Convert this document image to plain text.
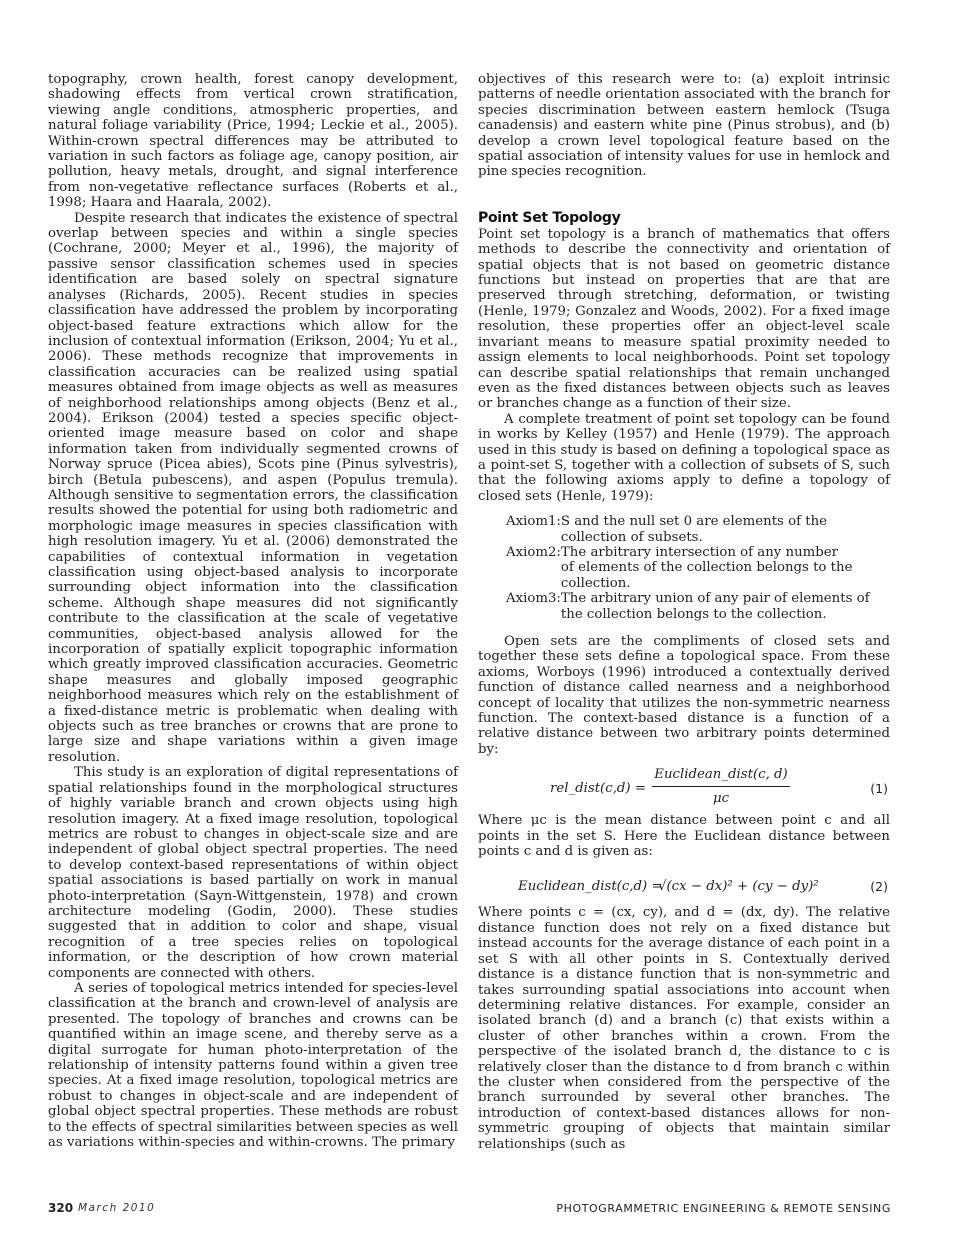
topography, crown health, forest canopy development, shadowing effects from vertical crown stratification, viewing angle conditions, atmospheric properties, and natural foliage variability (Price, 1994; Leckie et al., 2005). Within-crown spectral differences may be attributed to variation in such factors as foliage age, canopy position, air pollution, heavy metals, drought, and signal interference from non-vegetative reflectance surfaces (Roberts et al., 1998; Haara and Haarala, 2002).

Despite research that indicates the existence of spectral overlap between species and within a single species (Cochrane, 2000; Meyer et al., 1996), the majority of passive sensor classification schemes used in species identification are based solely on spectral signature analyses (Richards, 2005). Recent studies in species classification have addressed the problem by incorporating object-based feature extractions which allow for the inclusion of contextual information (Erikson, 2004; Yu et al., 2006). These methods recognize that improvements in classification accuracies can be realized using spatial measures obtained from image objects as well as measures of neighborhood relationships among objects (Benz et al., 2004). Erikson (2004) tested a species specific object-oriented image measure based on color and shape information taken from individually segmented crowns of Norway spruce (Picea abies), Scots pine (Pinus sylvestris), birch (Betula pubescens), and aspen (Populus tremula). Although sensitive to segmentation errors, the classification results showed the potential for using both radiometric and morphologic image measures in species classification with high resolution imagery. Yu et al. (2006) demonstrated the capabilities of contextual information in vegetation classification using object-based analysis to incorporate surrounding object information into the classification scheme. Although shape measures did not significantly contribute to the classification at the scale of vegetative communities, object-based analysis allowed for the incorporation of spatially explicit topographic information which greatly improved classification accuracies. Geometric shape measures and globally imposed geographic neighborhood measures which rely on the establishment of a fixed-distance metric is problematic when dealing with objects such as tree branches or crowns that are prone to large size and shape variations within a given image resolution.

This study is an exploration of digital representations of spatial relationships found in the morphological structures of highly variable branch and crown objects using high resolution imagery. At a fixed image resolution, topological metrics are robust to changes in object-scale size and are independent of global object spectral properties. The need to develop context-based representations of within object spatial associations is based partially on work in manual photo-interpretation (Sayn-Wittgenstein, 1978) and crown architecture modeling (Godin, 2000). These studies suggested that in addition to color and shape, visual recognition of a tree species relies on topological information, or the description of how crown material components are connected with others.

A series of topological metrics intended for species-level classification at the branch and crown-level of analysis are presented. The topology of branches and crowns can be quantified within an image scene, and thereby serve as a digital surrogate for human photo-interpretation of the relationship of intensity patterns found within a given tree species. At a fixed image resolution, topological metrics are robust to changes in object-scale and are independent of global object spectral properties. These methods are robust to the effects of spectral similarities between species as well as variations within-species and within-crowns. The primary

objectives of this research were to: (a) exploit intrinsic patterns of needle orientation associated with the branch for species discrimination between eastern hemlock (Tsuga canadensis) and eastern white pine (Pinus strobus), and (b) develop a crown level topological feature based on the spatial association of intensity values for use in hemlock and pine species recognition.

Point Set Topology

Point set topology is a branch of mathematics that offers methods to describe the connectivity and orientation of spatial objects that is not based on geometric distance functions but instead on properties that are that are preserved through stretching, deformation, or twisting (Henle, 1979; Gonzalez and Woods, 2002). For a fixed image resolution, these properties offer an object-level scale invariant means to measure spatial proximity needed to assign elements to local neighborhoods. Point set topology can describe spatial relationships that remain unchanged even as the fixed distances between objects such as leaves or branches change as a function of their size.

A complete treatment of point set topology can be found in works by Kelley (1957) and Henle (1979). The approach used in this study is based on defining a topological space as a point-set S, together with a collection of subsets of S, such that the following axioms apply to define a topology of closed sets (Henle, 1979):

Axiom1: S and the null set 0 are elements of the
collection of subsets.
Axiom2: The arbitrary intersection of any number
of elements of the collection belongs to the collection.
Axiom3: The arbitrary union of any pair of elements of
the collection belongs to the collection.

Open sets are the compliments of closed sets and together these sets define a topological space. From these axioms, Worboys (1996) introduced a contextually derived function of distance called nearness and a neighborhood concept of locality that utilizes the non-symmetric nearness function. The context-based distance is a function of a relative distance between two arbitrary points determined by:

rel_dist(c,d) =
Euclidean_dist(c, d)
μc
(1)

Where μc is the mean distance between point c and all points in the set S. Here the Euclidean distance between points c and d is given as:

Euclidean_dist(c,d) =
√(cx − dx)² + (cy − dy)²	(2)

Where points c = (cx, cy), and d = (dx, dy). The relative distance function does not rely on a fixed distance but instead accounts for the average distance of each point in a set S with all other points in S. Contextually derived distance is a distance function that is non-symmetric and takes surrounding spatial associations into account when determining relative distances. For example, consider an isolated branch (d) and a branch (c) that exists within a cluster of other branches within a crown. From the perspective of the isolated branch d, the distance to c is relatively closer than the distance to d from branch c within the cluster when considered from the perspective of the branch surrounded by several other branches. The introduction of context-based distances allows for non-symmetric grouping of objects that maintain similar relationships (such as

320 March 2010	PHOTOGRAMMETRIC ENGINEERING & REMOTE SENSING
